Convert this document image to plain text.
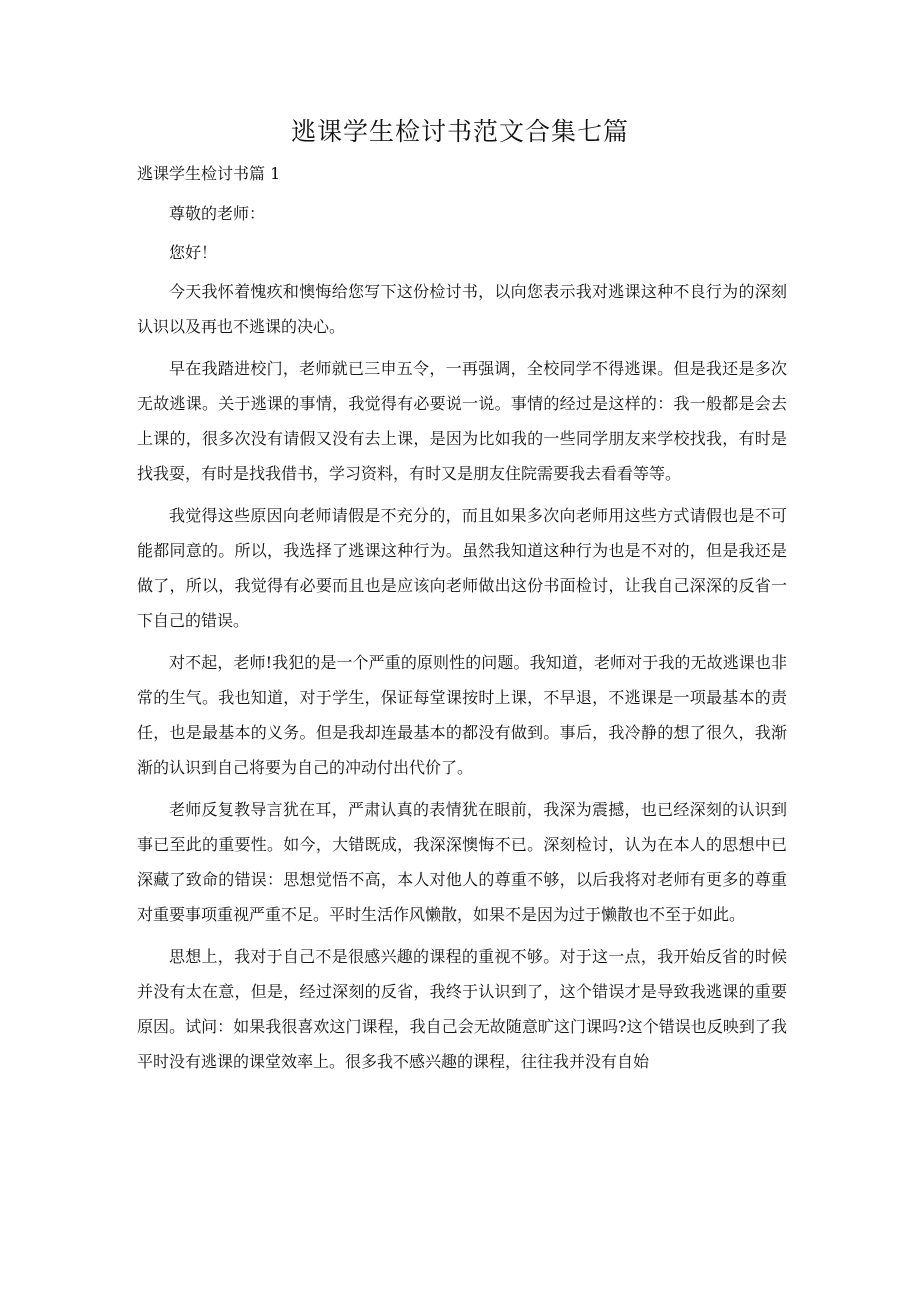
逃课学生检讨书范文合集七篇
逃课学生检讨书篇 1

尊敬的老师：

您好！

今天我怀着愧疚和懊悔给您写下这份检讨书，以向您表示我对逃课这种不良行为的深刻认识以及再也不逃课的决心。

早在我踏进校门，老师就已三申五令，一再强调，全校同学不得逃课。但是我还是多次无故逃课。关于逃课的事情，我觉得有必要说一说。事情的经过是这样的：我一般都是会去上课的，很多次没有请假又没有去上课，是因为比如我的一些同学朋友来学校找我，有时是找我耍，有时是找我借书，学习资料，有时又是朋友住院需要我去看看等等。

我觉得这些原因向老师请假是不充分的，而且如果多次向老师用这些方式请假也是不可能都同意的。所以，我选择了逃课这种行为。虽然我知道这种行为也是不对的，但是我还是做了，所以，我觉得有必要而且也是应该向老师做出这份书面检讨，让我自己深深的反省一下自己的错误。

对不起，老师!我犯的是一个严重的原则性的问题。我知道，老师对于我的无故逃课也非常的生气。我也知道，对于学生，保证每堂课按时上课，不早退，不逃课是一项最基本的责任，也是最基本的义务。但是我却连最基本的都没有做到。事后，我冷静的想了很久，我渐渐的认识到自己将要为自己的冲动付出代价了。

老师反复教导言犹在耳，严肃认真的表情犹在眼前，我深为震撼，也已经深刻的认识到事已至此的重要性。如今，大错既成，我深深懊悔不已。深刻检讨，认为在本人的思想中已深藏了致命的错误：思想觉悟不高，本人对他人的尊重不够，以后我将对老师有更多的尊重对重要事项重视严重不足。平时生活作风懒散，如果不是因为过于懒散也不至于如此。

思想上，我对于自己不是很感兴趣的课程的重视不够。对于这一点，我开始反省的时候并没有太在意，但是，经过深刻的反省，我终于认识到了，这个错误才是导致我逃课的重要原因。试问：如果我很喜欢这门课程，我自己会无故随意旷这门课吗?这个错误也反映到了我平时没有逃课的课堂效率上。很多我不感兴趣的课程，往往我并没有自始
